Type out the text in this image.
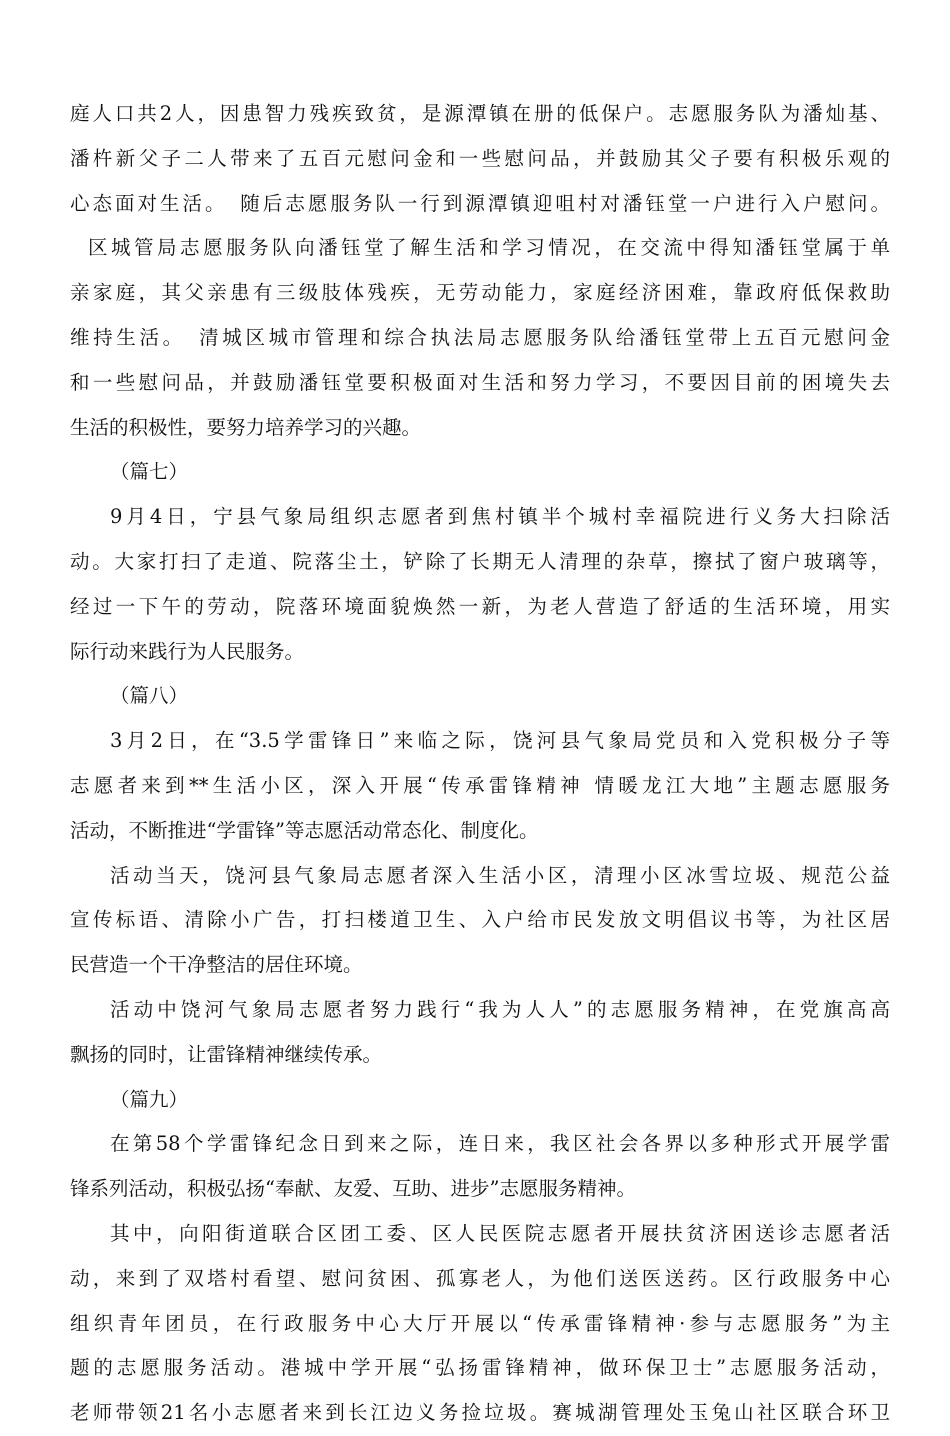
庭人口共2人，因患智力残疾致贫，是源潭镇在册的低保户。志愿服务队为潘灿基、
潘杵新父子二人带来了五百元慰问金和一些慰问品，并鼓励其父子要有积极乐观的
心态面对生活。　随后志愿服务队一行到源潭镇迎咀村对潘钰堂一户进行入户慰问。
区城管局志愿服务队向潘钰堂了解生活和学习情况，在交流中得知潘钰堂属于单
亲家庭，其父亲患有三级肢体残疾，无劳动能力，家庭经济困难，靠政府低保救助
维持生活。　清城区城市管理和综合执法局志愿服务队给潘钰堂带上五百元慰问金
和一些慰问品，并鼓励潘钰堂要积极面对生活和努力学习，不要因目前的困境失去
生活的积极性，要努力培养学习的兴趣。
（篇七）
9月4日，宁县气象局组织志愿者到焦村镇半个城村幸福院进行义务大扫除活
动。大家打扫了走道、院落尘土，铲除了长期无人清理的杂草，擦拭了窗户玻璃等，
经过一下午的劳动，院落环境面貌焕然一新，为老人营造了舒适的生活环境，用实
际行动来践行为人民服务。
（篇八）
3月2日，在“3.5学雷锋日”来临之际，饶河县气象局党员和入党积极分子等
志愿者来到**生活小区，深入开展“传承雷锋精神 情暖龙江大地”主题志愿服务
活动，不断推进“学雷锋”等志愿活动常态化、制度化。
活动当天，饶河县气象局志愿者深入生活小区，清理小区冰雪垃圾、规范公益
宣传标语、清除小广告，打扫楼道卫生、入户给市民发放文明倡议书等，为社区居
民营造一个干净整洁的居住环境。
活动中饶河气象局志愿者努力践行“我为人人”的志愿服务精神，在党旗高高
飘扬的同时，让雷锋精神继续传承。
（篇九）
在第58个学雷锋纪念日到来之际，连日来，我区社会各界以多种形式开展学雷
锋系列活动，积极弘扬“奉献、友爱、互助、进步”志愿服务精神。
其中，向阳街道联合区团工委、区人民医院志愿者开展扶贫济困送诊志愿者活
动，来到了双塔村看望、慰问贫困、孤寡老人，为他们送医送药。区行政服务中心
组织青年团员，在行政服务中心大厅开展以“传承雷锋精神·参与志愿服务”为主
题的志愿服务活动。港城中学开展“弘扬雷锋精神，做环保卫士”志愿服务活动，
老师带领21名小志愿者来到长江边义务捡垃圾。赛城湖管理处玉兔山社区联合环卫
